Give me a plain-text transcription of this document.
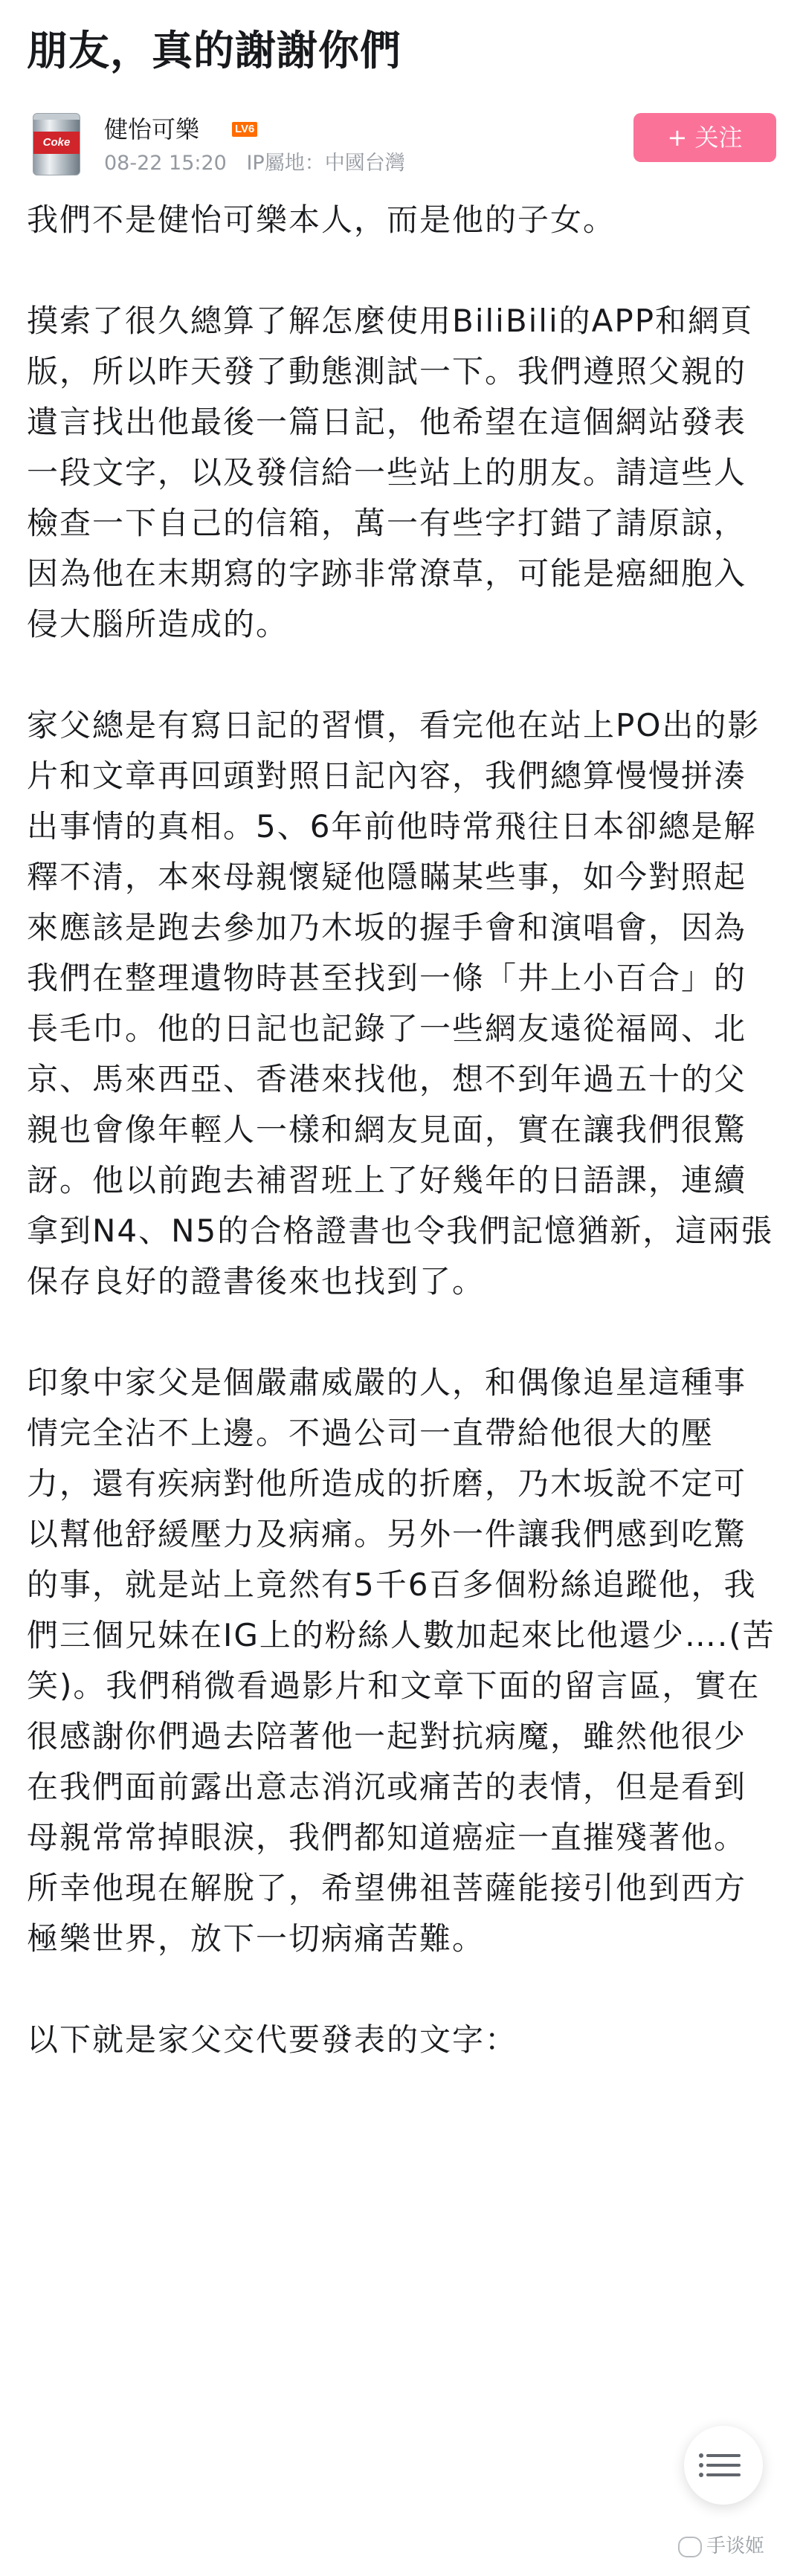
朋友，真的謝謝你們
Coke	健怡可樂	LV6
08-22 15:20 IP屬地：中國台灣
+ 关注

我們不是健怡可樂本人，而是他的子女。

摸索了很久總算了解怎麼使用BiliBili的APP和網頁版，所以昨天發了動態測試一下。我們遵照父親的遺言找出他最後一篇日記，他希望在這個網站發表一段文字，以及發信給一些站上的朋友。請這些人檢查一下自己的信箱，萬一有些字打錯了請原諒，因為他在末期寫的字跡非常潦草，可能是癌細胞入侵大腦所造成的。

家父總是有寫日記的習慣，看完他在站上PO出的影片和文章再回頭對照日記內容，我們總算慢慢拼湊出事情的真相。5、6年前他時常飛往日本卻總是解釋不清，本來母親懷疑他隱瞞某些事，如今對照起來應該是跑去參加乃木坂的握手會和演唱會，因為我們在整理遺物時甚至找到一條「井上小百合」的長毛巾。他的日記也記錄了一些網友遠從福岡、北京、馬來西亞、香港來找他，想不到年過五十的父親也會像年輕人一樣和網友見面，實在讓我們很驚訝。他以前跑去補習班上了好幾年的日語課，連續拿到N4、N5的合格證書也令我們記憶猶新，這兩張保存良好的證書後來也找到了。

印象中家父是個嚴肅威嚴的人，和偶像追星這種事情完全沾不上邊。不過公司一直帶給他很大的壓力，還有疾病對他所造成的折磨，乃木坂說不定可以幫他舒緩壓力及病痛。另外一件讓我們感到吃驚的事，就是站上竟然有5千6百多個粉絲追蹤他，我們三個兄妹在IG上的粉絲人數加起來比他還少….(苦笑)。我們稍微看過影片和文章下面的留言區，實在很感謝你們過去陪著他一起對抗病魔，雖然他很少在我們面前露出意志消沉或痛苦的表情，但是看到母親常常掉眼淚，我們都知道癌症一直摧殘著他。所幸他現在解脫了，希望佛祖菩薩能接引他到西方極樂世界，放下一切病痛苦難。

以下就是家父交代要發表的文字：

手谈姬
